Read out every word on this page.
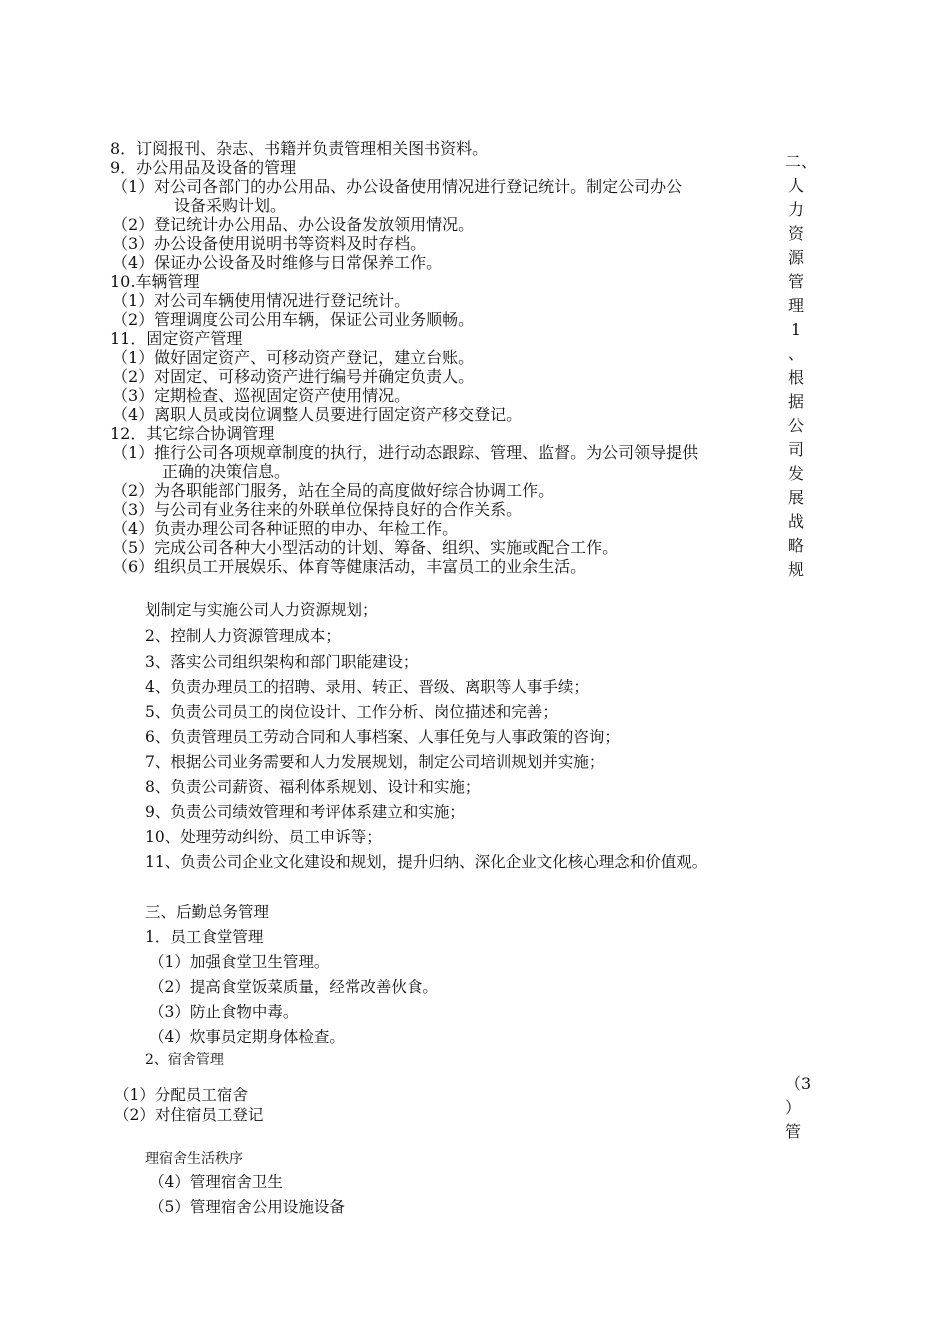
8．订阅报刊、杂志、书籍并负责管理相关图书资料。
9．办公用品及设备的管理
（1）对公司各部门的办公用品、办公设备使用情况进行登记统计。制定公司办公
设备采购计划。
（2）登记统计办公用品、办公设备发放领用情况。
（3）办公设备使用说明书等资料及时存档。
（4）保证办公设备及时维修与日常保养工作。
10.车辆管理
（1）对公司车辆使用情况进行登记统计。
（2）管理调度公司公用车辆，保证公司业务顺畅。
11．固定资产管理
（1）做好固定资产、可移动资产登记，建立台账。
（2）对固定、可移动资产进行编号并确定负责人。
（3）定期检查、巡视固定资产使用情况。
（4）离职人员或岗位调整人员要进行固定资产移交登记。
12．其它综合协调管理
（1）推行公司各项规章制度的执行，进行动态跟踪、管理、监督。为公司领导提供
正确的决策信息。
（2）为各职能部门服务，站在全局的高度做好综合协调工作。
（3）与公司有业务往来的外联单位保持良好的合作关系。
（4）负责办理公司各种证照的申办、年检工作。
（5）完成公司各种大小型活动的计划、筹备、组织、实施或配合工作。
（6）组织员工开展娱乐、体育等健康活动，丰富员工的业余生活。
二、
人
力
资
源
管
理
1
、
根
据
公
司
发
展
战
略
规
划制定与实施公司人力资源规划；
2、控制人力资源管理成本；
3、落实公司组织架构和部门职能建设；
4、负责办理员工的招聘、录用、转正、晋级、离职等人事手续；
5、负责公司员工的岗位设计、工作分析、岗位描述和完善；
6、负责管理员工劳动合同和人事档案、人事任免与人事政策的咨询；
7、根据公司业务需要和人力发展规划，制定公司培训规划并实施；
8、负责公司薪资、福利体系规划、设计和实施；
9、负责公司绩效管理和考评体系建立和实施；
10、处理劳动纠纷、员工申诉等；
11、负责公司企业文化建设和规划，提升归纳、深化企业文化核心理念和价值观。
三、后勤总务管理
1．员工食堂管理
（1）加强食堂卫生管理。
（2）提高食堂饭菜质量，经常改善伙食。
（3）防止食物中毒。
（4）炊事员定期身体检查。
2、宿舍管理
（1）分配员工宿舍
（2）对住宿员工登记
（3
）
管
理宿舍生活秩序
（4）管理宿舍卫生
（5）管理宿舍公用设施设备
